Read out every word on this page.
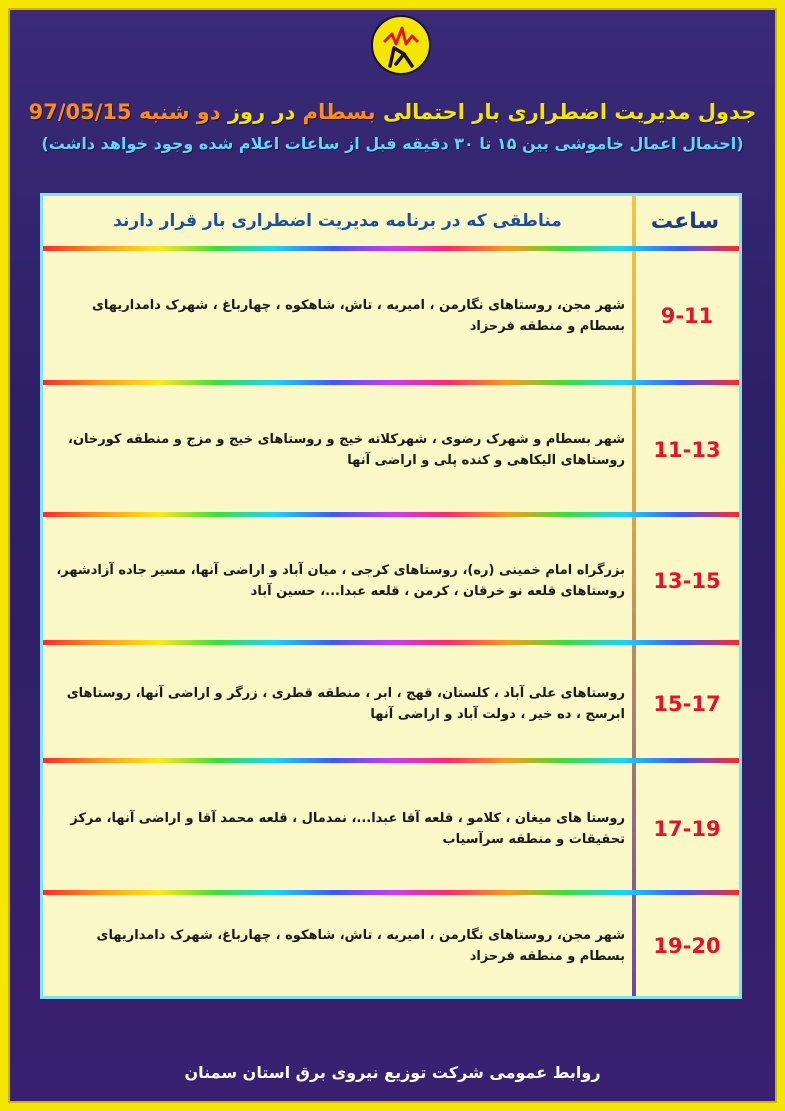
جدول مدیریت اضطراری بار احتمالی بسطام در روز دو شنبه 97/05/15
(احتمال اعمال خاموشی بین ۱۵ تا ۳۰ دقیقه قبل از ساعات اعلام شده وجود خواهد داشت)
ساعت
مناطقی که در برنامه مدیریت اضطراری بار قرار دارند
9-11
شهر مجن، روستاهای نگارمن ، امیریه ، تاش، شاهکوه ، چهارباغ ، شهرک دامداریهای بسطام و منطقه فرحزاد
11-13
شهر بسطام و شهرک رضوی ، شهرکلاته خیج و روستاهای خیج و مزج و منطقه کورخان، روستاهای الیکاهی و کنده پلی و اراضی آنها
13-15
بزرگراه امام خمینی (ره)، روستاهای کرجی ، میان آباد و اراضی آنها، مسیر جاده آزادشهر، روستاهای قلعه نو خرقان ، کرمن ، قلعه عبدا...، حسین آباد
15-17
روستاهای علی آباد ، کلستان، قهج ، ابر ، منطقه قطری ، زرگر و اراضی آنها، روستاهای ابرسج ، ده خیر ، دولت آباد و اراضی آنها
17-19
روستا های میغان ، کلامو ، قلعه آقا عبدا...، نمدمال ، قلعه محمد آقا و اراضی آنها، مرکز تحقیقات و منطقه سرآسیاب
19-20
شهر مجن، روستاهای نگارمن ، امیریه ، تاش، شاهکوه ، چهارباغ، شهرک دامداریهای بسطام و منطقه فرحزاد
روابط عمومی شرکت توزیع نیروی برق استان سمنان
